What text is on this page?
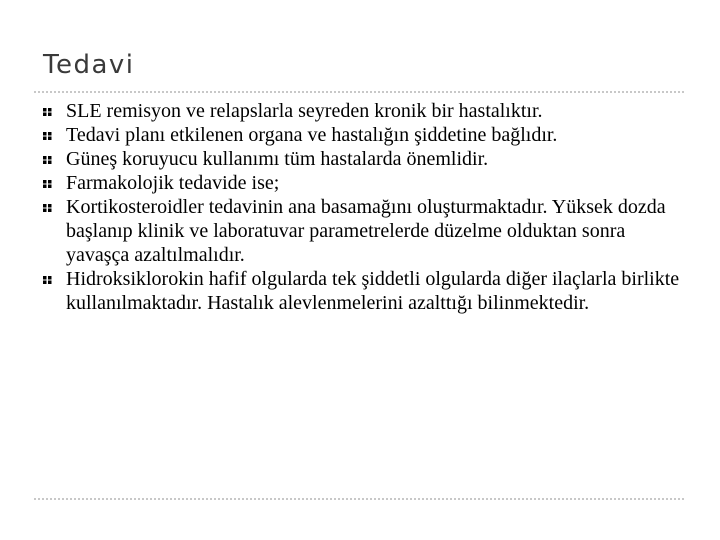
Tedavi
SLE remisyon ve relapslarla seyreden kronik bir hastalıktır.
Tedavi planı etkilenen organa ve hastalığın şiddetine bağlıdır.
Güneş koruyucu kullanımı tüm hastalarda önemlidir.
Farmakolojik tedavide ise;
Kortikosteroidler tedavinin ana basamağını oluşturmaktadır. Yüksek dozda başlanıp klinik ve laboratuvar parametrelerde düzelme olduktan sonra yavaşça azaltılmalıdır.
Hidroksiklorokin hafif olgularda tek şiddetli olgularda diğer ilaçlarla birlikte kullanılmaktadır. Hastalık alevlenmelerini azalttığı bilinmektedir.
